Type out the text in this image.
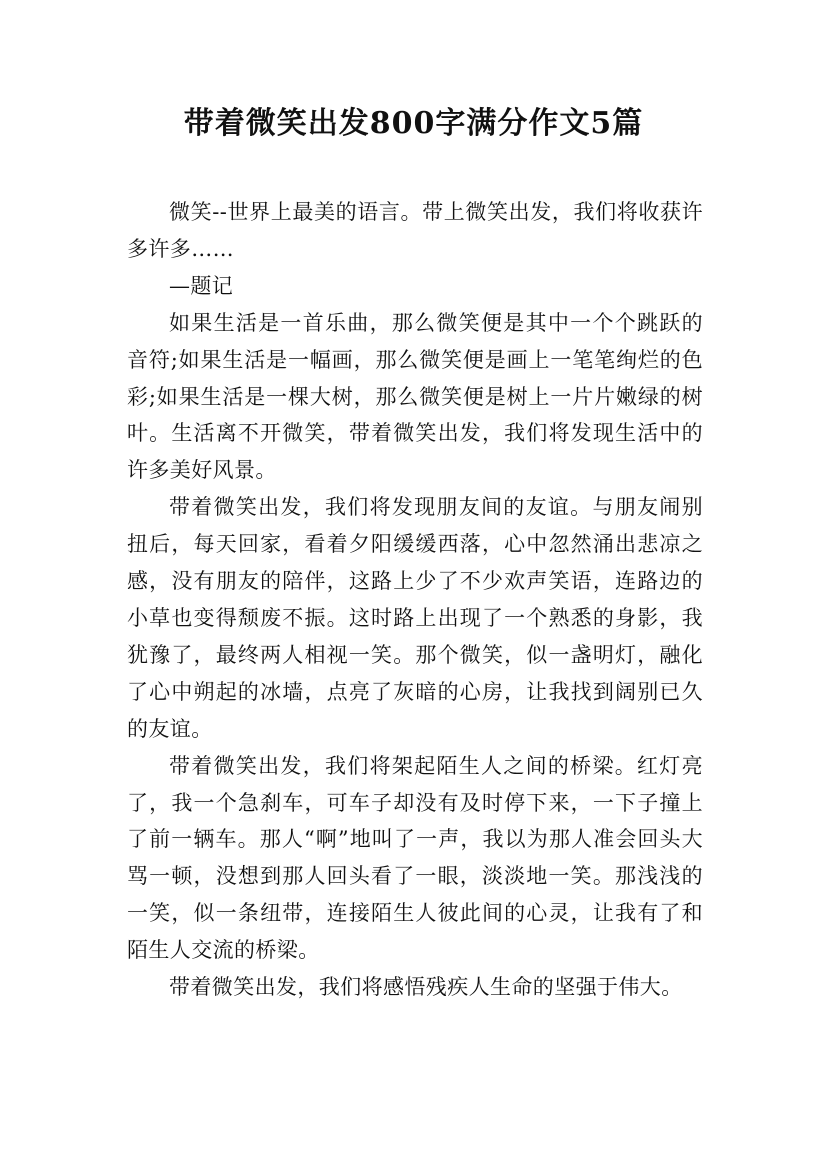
带着微笑出发800字满分作文5篇

微笑--世界上最美的语言。带上微笑出发，我们将收获许多许多……

—题记

如果生活是一首乐曲，那么微笑便是其中一个个跳跃的音符;如果生活是一幅画，那么微笑便是画上一笔笔绚烂的色彩;如果生活是一棵大树，那么微笑便是树上一片片嫩绿的树叶。生活离不开微笑，带着微笑出发，我们将发现生活中的许多美好风景。

带着微笑出发，我们将发现朋友间的友谊。与朋友闹别扭后，每天回家，看着夕阳缓缓西落，心中忽然涌出悲凉之感，没有朋友的陪伴，这路上少了不少欢声笑语，连路边的小草也变得颓废不振。这时路上出现了一个熟悉的身影，我犹豫了，最终两人相视一笑。那个微笑，似一盏明灯，融化了心中朔起的冰墙，点亮了灰暗的心房，让我找到阔别已久的友谊。

带着微笑出发，我们将架起陌生人之间的桥梁。红灯亮了，我一个急刹车，可车子却没有及时停下来，一下子撞上了前一辆车。那人“啊”地叫了一声，我以为那人准会回头大骂一顿，没想到那人回头看了一眼，淡淡地一笑。那浅浅的一笑，似一条纽带，连接陌生人彼此间的心灵，让我有了和陌生人交流的桥梁。

带着微笑出发，我们将感悟残疾人生命的坚强于伟大。
